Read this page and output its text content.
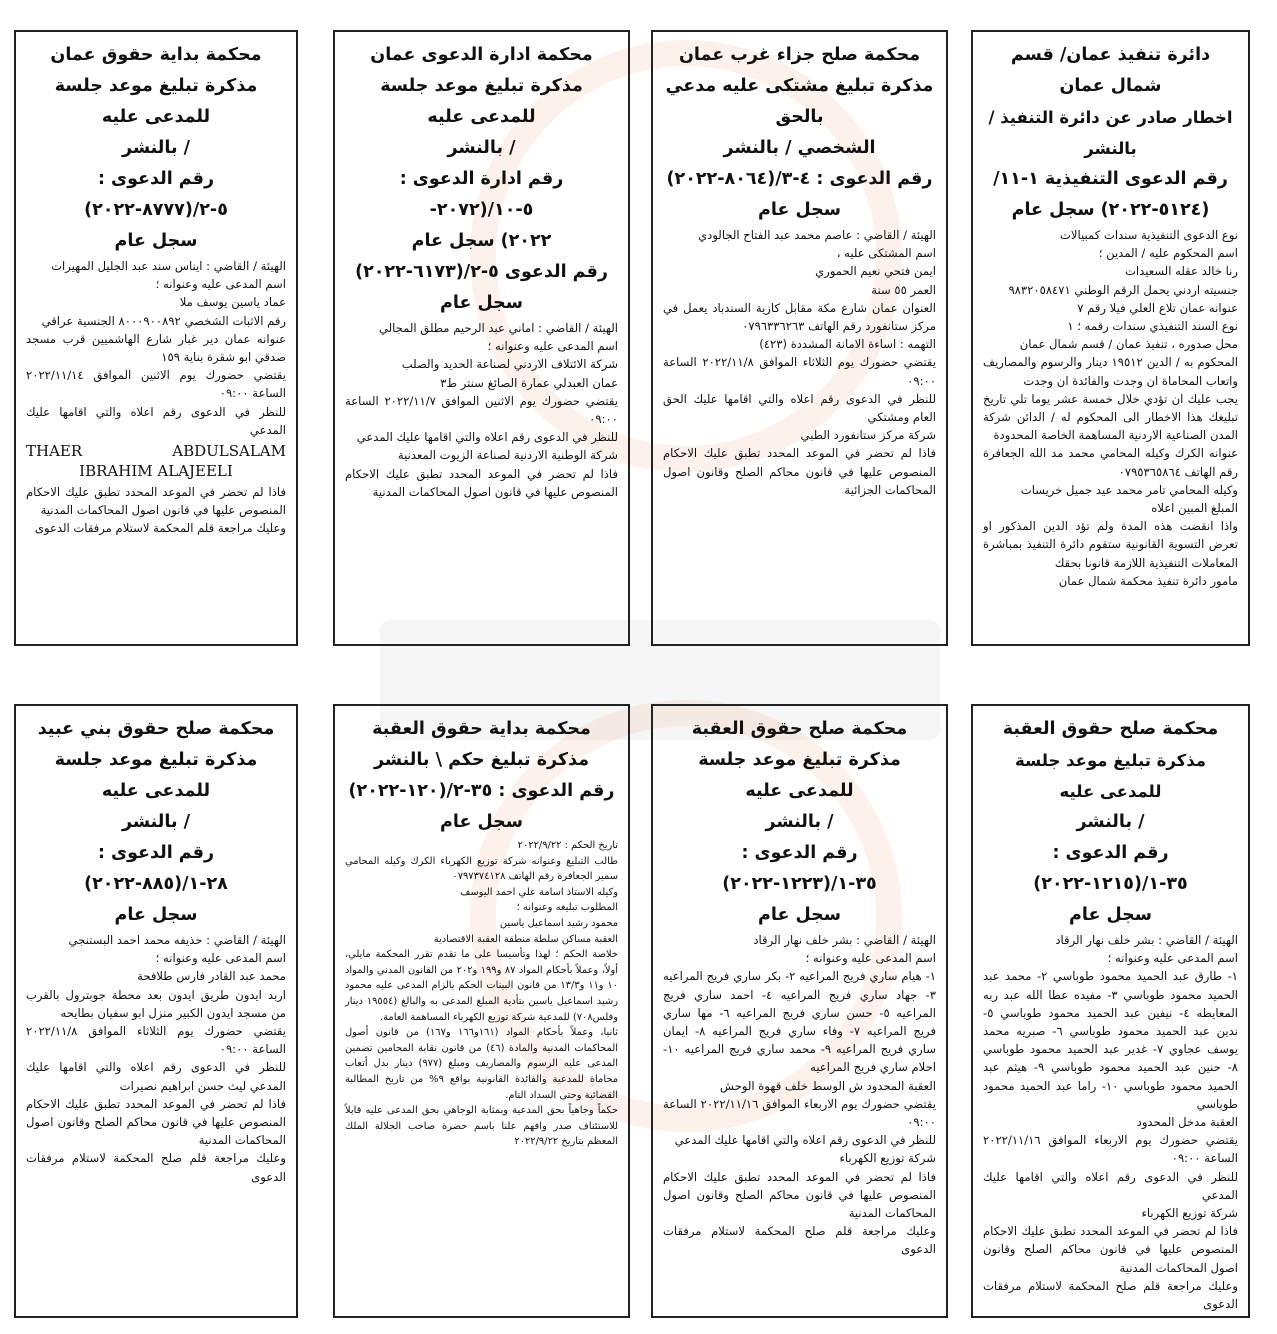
دائرة تنفيذ عمان/ قسم شمال عمان

اخطار صادر عن دائرة التنفيذ / بالنشر

رقم الدعوى التنفيذية ١-١١/

(٥١٢٤-٢٠٢٢) سجل عام

نوع الدعوى التنفيذية سندات كمبيالات

اسم المحكوم عليه / المدين ؛

رنا خالد عقله السعيدات

جنسيته اردني يحمل الرقم الوطني ٩٨٣٢٠٥٨٤٧١

عنوانه عمان تلاع العلي فيلا رقم ٧

نوع السند التنفيذي سندات رقمه ؛ ١

محل صدوره ، تنفيذ عمان / قسم شمال عمان

المحكوم به / الدين ١٩٥١٢ دينار والرسوم والمصاريف واتعاب المحاماة ان وجدت والفائدة ان وجدت

يجب عليك ان تؤدي خلال خمسة عشر يوما تلي تاريخ تبليغك هذا الاخطار الى المحكوم له / الدائن شركة المدن الصناعية الاردنية المساهمة الخاصة المحدودة

عنوانه الكرك وكيله المحامي محمد مد الله الجعافرة رقم الهاتف ٠٧٩٥٣٦٥٨٦٤

وكيله المحامي تامر محمد عيد جميل خريسات

المبلغ المبين اعلاه

واذا انقضت هذه المدة ولم تؤد الدين المذكور او تعرض التسوية القانونية ستقوم دائرة التنفيذ بمباشرة المعاملات التنفيذية اللازمة قانونا بحقك

مامور دائرة تنفيذ محكمة شمال عمان

محكمة صلح جزاء غرب عمان

مذكرة تبليغ مشتكى عليه مدعي بالحق

الشخصي / بالنشر

رقم الدعوى : ٤-٣/(٨٠٦٤-٢٠٢٢)

سجل عام

الهيئة / القاضي : عاصم محمد عبد الفتاح الجالودي

اسم المشتكى عليه ،

ايمن فتحي نعيم الحموري

العمر ٥٥ سنة

العنوان عمان شارع مكة مقابل كازية السندباد يعمل في مركز ستانفورد رقم الهاتف ٠٧٩٦٣٣٦٢٦٣

التهمه : اساءة الامانة المشددة (٤٢٣)

يقتضي حضورك يوم الثلاثاء الموافق ٢٠٢٢/١١/٨ الساعة ٠٩:٠٠

للنظر في الدعوى رقم اعلاه والتي اقامها عليك الحق العام ومشتكي

شركة مركز ستانفورد الطبي

فاذا لم تحضر في الموعد المحدد تطبق عليك الاحكام المنصوص عليها في قانون محاكم الصلح وقانون اصول المحاكمات الجزائية

محكمة ادارة الدعوى عمان

مذكرة تبليغ موعد جلسة للمدعى عليه

/ بالنشر

رقم ادارة الدعوى : ٥-١٠/(٢٠٧٢-

٢٠٢٢) سجل عام

رقم الدعوى ٥-٢/(٦١٧٣-٢٠٢٢)

سجل عام

الهيئة / القاضي : اماني عبد الرحيم مطلق المجالي

اسم المدعى عليه وعنوانه ؛

شركة الائتلاف الاردني لصناعة الحديد والصلب

عمان العبدلي عمارة الصائغ سنتر ط٣

يقتضي حضورك يوم الاثنين الموافق ٢٠٢٢/١١/٧ الساعة ٠٩:٠٠

للنظر في الدعوى رقم اعلاه والتي اقامها عليك المدعي

شركة الوطنية الاردنية لصناعة الزيوت المعدنية

فاذا لم تحضر في الموعد المحدد تطبق عليك الاحكام المنصوص عليها في قانون اصول المحاكمات المدنية

محكمة بداية حقوق عمان

مذكرة تبليغ موعد جلسة للمدعى عليه

/ بالنشر

رقم الدعوى : ٥-٢/(٨٧٧٧-٢٠٢٢)

سجل عام

الهيئة / القاضي : ايناس سند عبد الجليل المهيرات

اسم المدعى عليه وعنوانه ؛

عماد ياسين يوسف ملا

رقم الاثبات الشخصي ٨٠٠٠٩٠٠٨٩٢ الجنسية عراقي

عنوانه عمان دير غبار شارع الهاشميين قرب مسجد صدقي ابو شقرة بناية ١٥٩

يقتضي حضورك يوم الاثنين الموافق ٢٠٢٢/١١/١٤ الساعة ٠٩:٠٠

للنظر في الدعوى رقم اعلاه والتي اقامها عليك المدعي

THAER	ABDULSALAM
IBRAHIM ALAJEELI

فاذا لم تحضر في الموعد المحدد تطبق عليك الاحكام المنصوص عليها في قانون اصول المحاكمات المدنية

وعليك مراجعة قلم المحكمة لاستلام مرفقات الدعوى

محكمة صلح حقوق العقبة

مذكرة تبليغ موعد جلسة للمدعى عليه

/ بالنشر

رقم الدعوى : ٣٥-١/(١٢١٥-٢٠٢٢)

سجل عام

الهيئة / القاضي : بشر خلف نهار الرقاد

اسم المدعى عليه وعنوانه ؛

١- طارق عبد الحميد محمود طوباسي ٢- محمد عبد الحميد محمود طوباسي ٣- مفيده عطا الله عبد ربه المعايطه ٤- نيفين عبد الحميد محمود طوباسي ٥- ندين عبد الحميد محمود طوباسي ٦- صبريه محمد يوسف عجاوي ٧- غدير عبد الحميد محمود طوباسي ٨- حنين عبد الحميد محمود طوباسي ٩- هيثم عبد الحميد محمود طوباسي ١٠- راما عبد الحميد محمود طوباسي

العقبة مدخل المحدود

يقتضي حضورك يوم الاربعاء الموافق ٢٠٢٢/١١/١٦ الساعة ٠٩:٠٠

للنظر في الدعوى رقم اعلاه والتي اقامها عليك المدعي

شركة توزيع الكهرباء

فاذا لم تحضر في الموعد المحدد تطبق عليك الاحكام المنصوص عليها في قانون محاكم الصلح وقانون اصول المحاكمات المدنية

وعليك مراجعة قلم صلح المحكمة لاستلام مرفقات الدعوى

محكمة صلح حقوق العقبة

مذكرة تبليغ موعد جلسة للمدعى عليه

/ بالنشر

رقم الدعوى : ٣٥-١/(١٢٢٣-٢٠٢٢)

سجل عام

الهيئة / القاضي : بشر خلف نهار الرقاد

اسم المدعى عليه وعنوانه ؛

١- هيام ساري فريج المراعيه ٢- بكر ساري فريج المراعيه ٣- جهاد ساري فريج المراعيه ٤- احمد ساري فريج المراعيه ٥- حسن ساري فريج المراعيه ٦- مها ساري فريج المراعيه ٧- وفاء ساري فريج المراعيه ٨- ايمان ساري فريج المراعيه ٩- محمد ساري فريج المراعيه ١٠- احلام ساري فريج المراعيه

العقبة المحدود ش الوسط خلف قهوة الوحش

يقتضي حضورك يوم الاربعاء الموافق ٢٠٢٢/١١/١٦ الساعة ٠٩:٠٠

للنظر في الدعوى رقم اعلاه والتي اقامها عليك المدعي

شركة توزيع الكهرباء

فاذا لم تحضر في الموعد المحدد تطبق عليك الاحكام المنصوص عليها في قانون محاكم الصلح وقانون اصول المحاكمات المدنية

وعليك مراجعة قلم صلح المحكمة لاستلام مرفقات الدعوى

محكمة بداية حقوق العقبة

مذكرة تبليغ حكم \ بالنشر

رقم الدعوى : ٣٥-٢/(١٢٠-٢٠٢٢)

سجل عام

تاريخ الحكم : ٢٠٢٢/٩/٢٢

طالب التبليغ وعنوانه شركة توزيع الكهرباء الكرك وكيله المحامي سمير الجعافرة رقم الهاتف ٠٧٩٧٣٧٤١٢٨

وكيله الاستاذ اسامة علي احمد اليوسف

المطلوب تبليغه وعنوانه ؛

محمود رشيد اسماعيل ياسين

العقبة مساكن سلطة منطقة العقبة الاقتصادية

خلاصة الحكم ؛ لهذا وتأسيسا على ما تقدم تقرر المحكمة مايلي، أولاً، وعملاً بأحكام المواد ٨٧ و١٩٩ و٢٠٢ من القانون المدني والمواد ١٠ و١١ و١٣/٣ من قانون البينات الحكم بالزام المدعى عليه محمود رشيد اسماعيل ياسين بتأدية المبلغ المدعى به والبالغ (١٩٥٥٤ دينار وفلس٧٠٨) للمدعية شركة توزيع الكهرباء المساهمة العامة.

ثانيا، وعملاً بأحكام المواد (١٦١و١٦٦ و١٦٧) من قانون أصول المحاكمات المدنية والمادة (٤٦) من قانون نقابة المحامين تضمين المدعى عليه الرسوم والمصاريف ومبلغ (٩٧٧) دينار بدل أتعاب محاماة للمدعية والفائدة القانونية بواقع ٩% من تاريخ المطالبة القضائية وحتى السداد التام.

حكماً وجاهياً بحق المدعية وبمثابة الوجاهي بحق المدعى عليه قابلاً للاستئناف صدر وافهم علنا باسم حضرة صاحب الجلالة الملك المعظم بتاريخ ٢٠٢٢/٩/٢٢

محكمة صلح حقوق بني عبيد

مذكرة تبليغ موعد جلسة للمدعى عليه

/ بالنشر

رقم الدعوى : ٢٨-١/(٨٨٥-٢٠٢٢)

سجل عام

الهيئة / القاضي : حذيفه محمد احمد البستنجي

اسم المدعى عليه وعنوانه ؛

محمد عبد القادر فارس طلافحة

اربد ايدون طريق ايدون بعد محطة جوبترول بالقرب من مسجد ايدون الكبير منزل ابو سفيان بطايحه

يقتضي حضورك يوم الثلاثاء الموافق ٢٠٢٢/١١/٨ الساعة ٠٩:٠٠

للنظر في الدعوى رقم اعلاه والتي اقامها عليك المدعي ليث حسن ابراهيم نصيرات

فاذا لم تحضر في الموعد المحدد تطبق عليك الاحكام المنصوص عليها في قانون محاكم الصلح وقانون اصول المحاكمات المدنية

وعليك مراجعة قلم صلح المحكمة لاستلام مرفقات الدعوى
